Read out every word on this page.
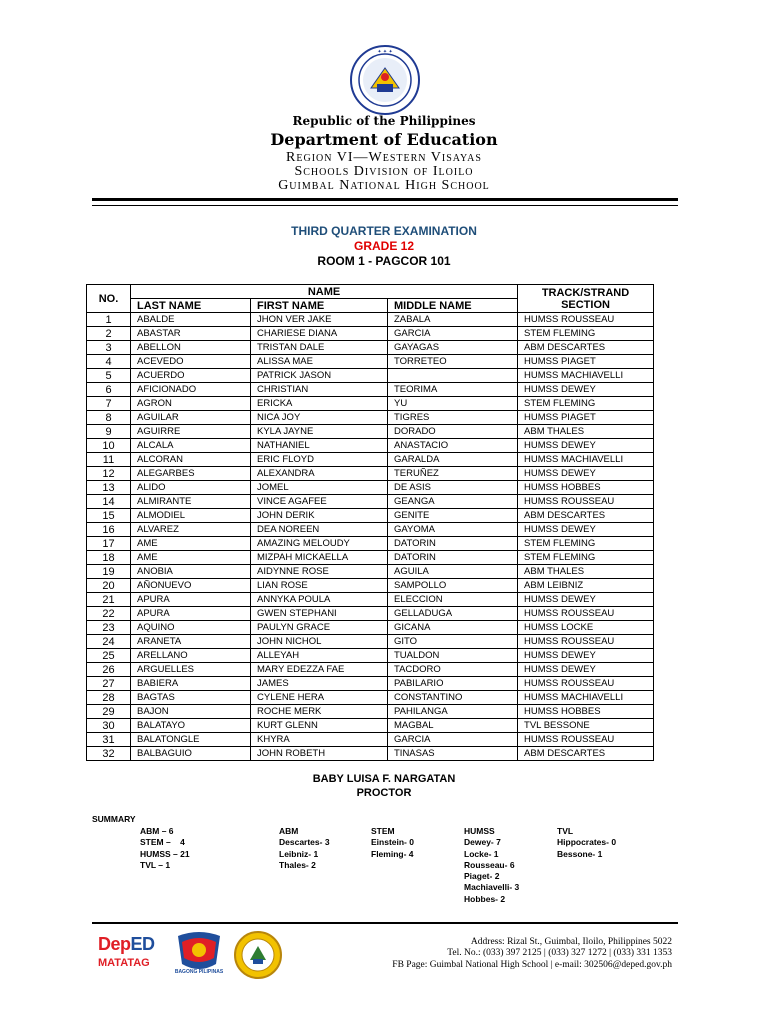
✦ ✦ ✦
Republic of the Philippines
Department of Education
Region VI—Western Visayas
Schools Division of Iloilo
Guimbal National High School
THIRD QUARTER EXAMINATION
GRADE 12
ROOM 1 - PAGCOR 101
NO.	NAME			TRACK/STRAND
SECTION

	LAST NAME	FIRST NAME	MIDDLE NAME	
1	ABALDE	JHON VER JAKE	ZABALA	HUMSS ROUSSEAU
2	ABASTAR	CHARIESE DIANA	GARCIA	STEM FLEMING
3	ABELLON	TRISTAN DALE	GAYAGAS	ABM DESCARTES
4	ACEVEDO	ALISSA MAE	TORRETEO	HUMSS PIAGET
5	ACUERDO	PATRICK JASON		HUMSS MACHIAVELLI
6	AFICIONADO	CHRISTIAN	TEORIMA	HUMSS DEWEY
7	AGRON	ERICKA	YU	STEM FLEMING
8	AGUILAR	NICA JOY	TIGRES	HUMSS PIAGET
9	AGUIRRE	KYLA JAYNE	DORADO	ABM THALES
10	ALCALA	NATHANIEL	ANASTACIO	HUMSS DEWEY
11	ALCORAN	ERIC FLOYD	GARALDA	HUMSS MACHIAVELLI
12	ALEGARBES	ALEXANDRA	TERUÑEZ	HUMSS DEWEY
13	ALIDO	JOMEL	DE ASIS	HUMSS HOBBES
14	ALMIRANTE	VINCE AGAFEE	GEANGA	HUMSS ROUSSEAU
15	ALMODIEL	JOHN DERIK	GENITE	ABM DESCARTES
16	ALVAREZ	DEA NOREEN	GAYOMA	HUMSS DEWEY
17	AME	AMAZING MELOUDY	DATORIN	STEM FLEMING
18	AME	MIZPAH MICKAELLA	DATORIN	STEM FLEMING
19	ANOBIA	AIDYNNE ROSE	AGUILA	ABM THALES
20	AÑONUEVO	LIAN ROSE	SAMPOLLO	ABM LEIBNIZ
21	APURA	ANNYKA POULA	ELECCION	HUMSS DEWEY
22	APURA	GWEN STEPHANI	GELLADUGA	HUMSS ROUSSEAU
23	AQUINO	PAULYN GRACE	GICANA	HUMSS LOCKE
24	ARANETA	JOHN NICHOL	GITO	HUMSS ROUSSEAU
25	ARELLANO	ALLEYAH	TUALDON	HUMSS DEWEY
26	ARGUELLES	MARY EDEZZA FAE	TACDORO	HUMSS DEWEY
27	BABIERA	JAMES	PABILARIO	HUMSS ROUSSEAU
28	BAGTAS	CYLENE HERA	CONSTANTINO	HUMSS MACHIAVELLI
29	BAJON	ROCHE MERK	PAHILANGA	HUMSS HOBBES
30	BALATAYO	KURT GLENN	MAGBAL	TVL BESSONE
31	BALATONGLE	KHYRA	GARCIA	HUMSS ROUSSEAU
32	BALBAGUIO	JOHN ROBETH	TINASAS	ABM DESCARTES
BABY LUISA F. NARGATAN
PROCTOR
SUMMARY
ABM – 6
STEM –    4
HUMSS – 21
TVL – 1
ABM
Descartes- 3
Leibniz- 1
Thales- 2
STEM
Einstein- 0
Fleming- 4
HUMSS
Dewey- 7
Locke- 1
Rousseau- 6
Piaget- 2
Machiavelli- 3
Hobbes- 2
TVL
Hippocrates- 0
Bessone- 1
DepED
MATATAG
BAGONG PILIPINAS
Address: Rizal St., Guimbal, Iloilo, Philippines 5022
Tel. No.: (033) 397 2125 | (033) 327 1272 | (033) 331 1353
FB Page: Guimbal National High School | e-mail: 302506@deped.gov.ph
